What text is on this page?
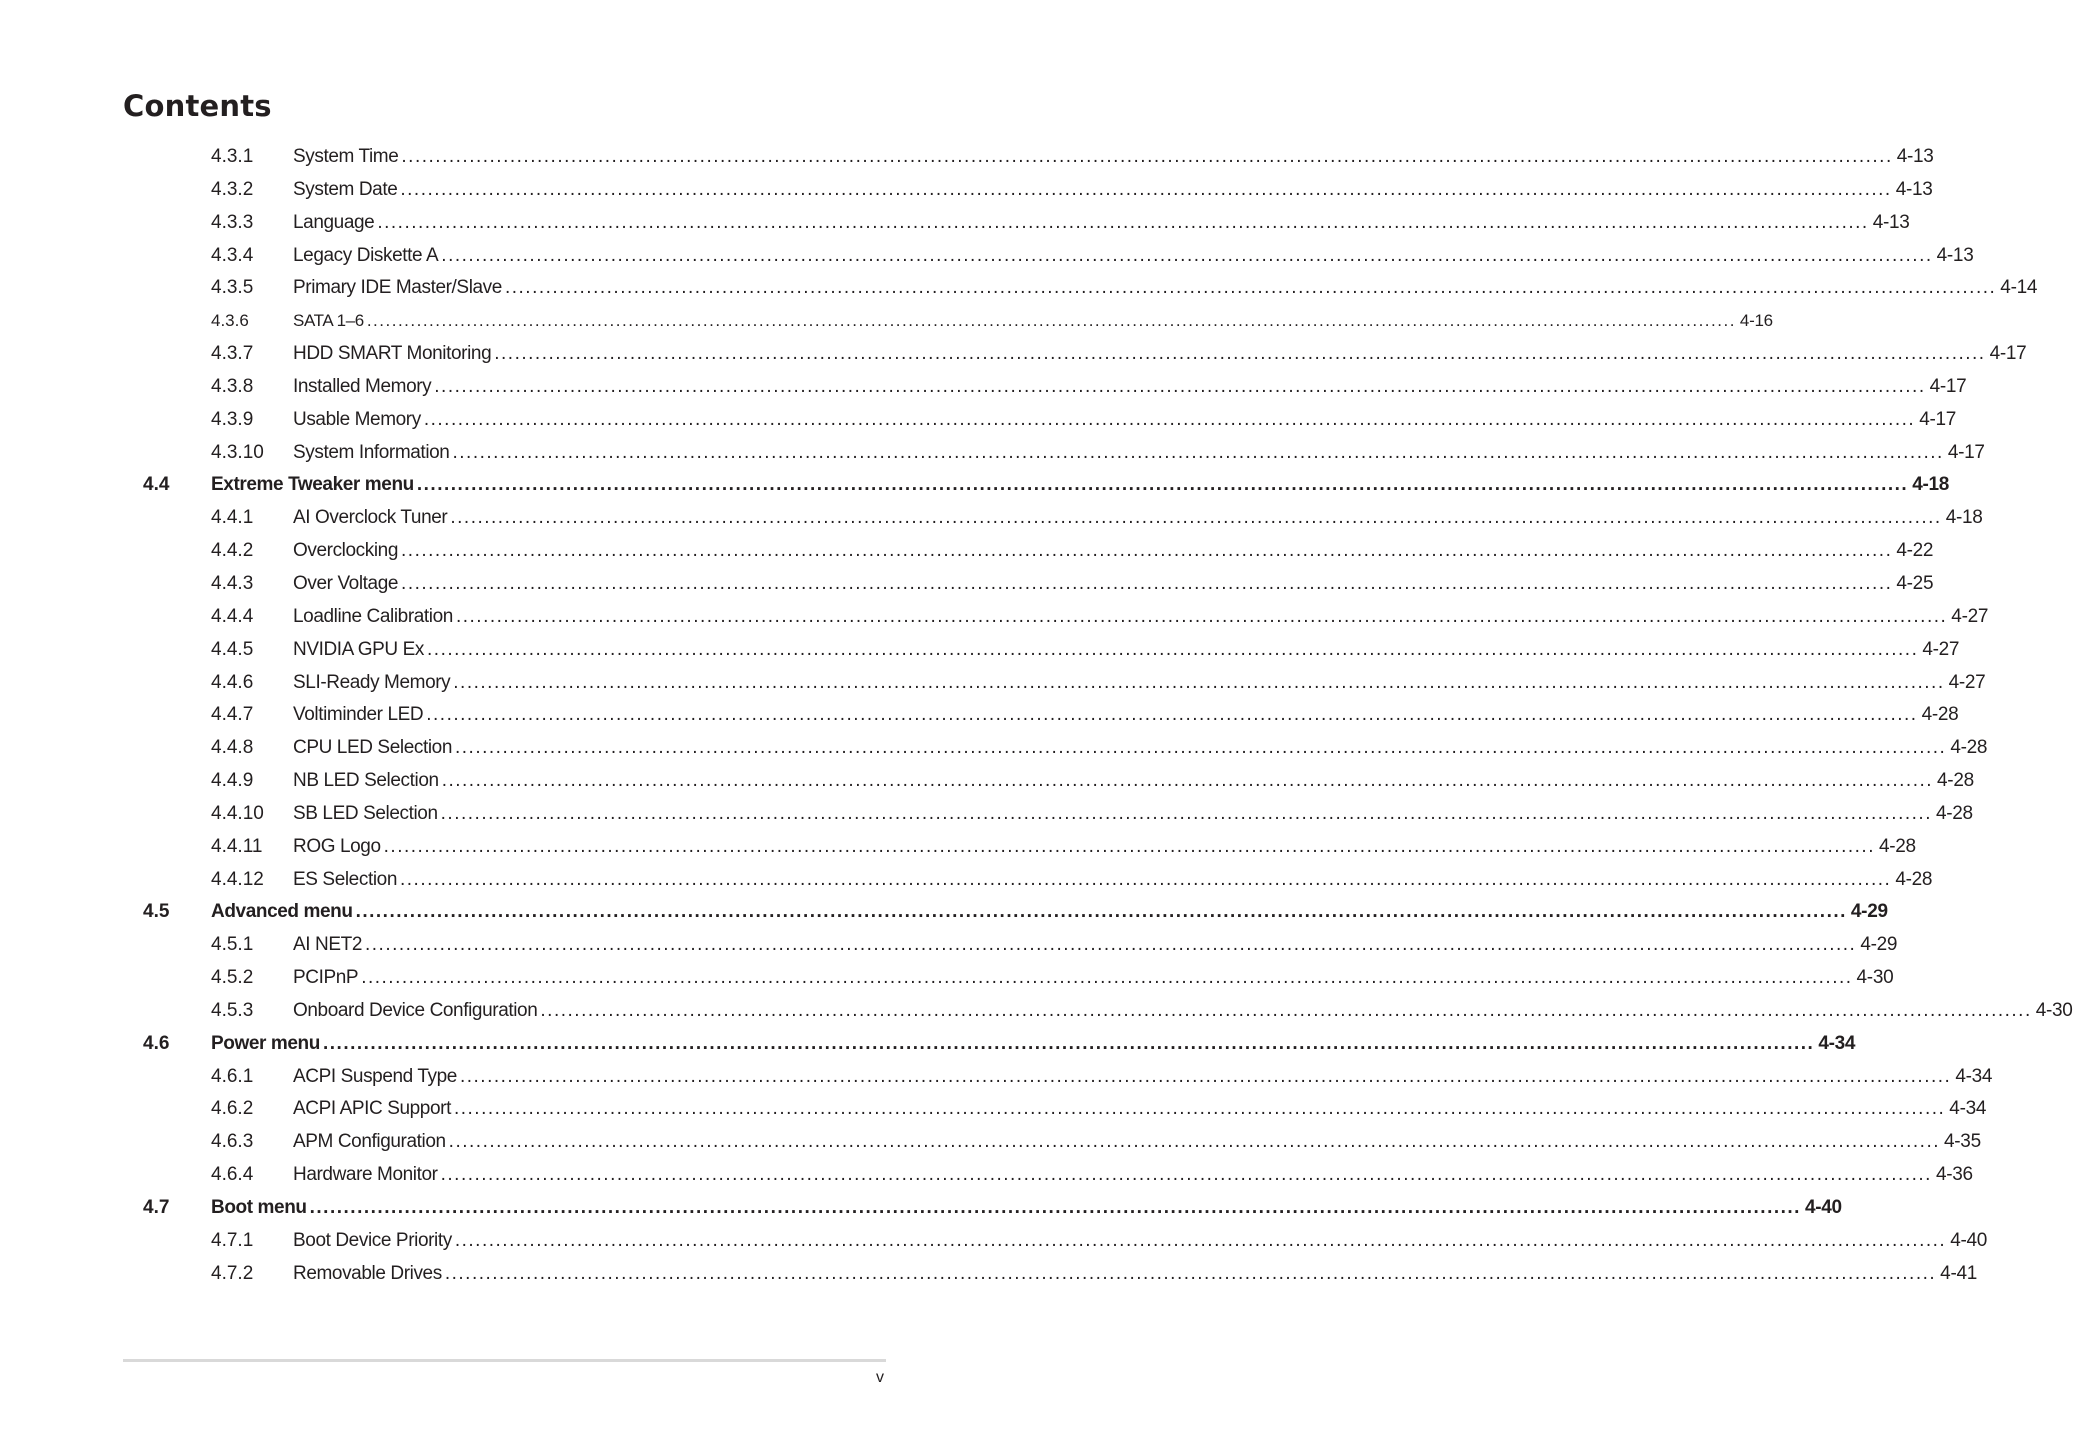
Contents
4.3.1 System Time ............................................................................................................................................................................................................................ 4-13
4.3.2 System Date ............................................................................................................................................................................................................................ 4-13
4.3.3 Language ............................................................................................................................................................................................................................ 4-13
4.3.4 Legacy Diskette A ............................................................................................................................................................................................................................ 4-13
4.3.5 Primary IDE Master/Slave ............................................................................................................................................................................................................................ 4-14
4.3.6	SATA 1–6 ............................................................................................................................................................................................................................ 4-16
4.3.7 HDD SMART Monitoring ............................................................................................................................................................................................................................ 4-17
4.3.8 Installed Memory ............................................................................................................................................................................................................................ 4-17
4.3.9 Usable Memory ............................................................................................................................................................................................................................ 4-17
4.3.10 System Information ............................................................................................................................................................................................................................ 4-17
4.4 Extreme Tweaker menu ............................................................................................................................................................................................................................ 4-18
4.4.1 AI Overclock Tuner ............................................................................................................................................................................................................................ 4-18
4.4.2 Overclocking ............................................................................................................................................................................................................................ 4-22
4.4.3 Over Voltage ............................................................................................................................................................................................................................ 4-25
4.4.4 Loadline Calibration ............................................................................................................................................................................................................................ 4-27
4.4.5 NVIDIA GPU Ex ............................................................................................................................................................................................................................ 4-27
4.4.6 SLI-Ready Memory ............................................................................................................................................................................................................................ 4-27
4.4.7 Voltiminder LED ............................................................................................................................................................................................................................ 4-28
4.4.8 CPU LED Selection ............................................................................................................................................................................................................................ 4-28
4.4.9 NB LED Selection ............................................................................................................................................................................................................................ 4-28
4.4.10 SB LED Selection ............................................................................................................................................................................................................................ 4-28
4.4.11 ROG Logo ............................................................................................................................................................................................................................ 4-28
4.4.12 ES Selection ............................................................................................................................................................................................................................ 4-28
4.5 Advanced menu ............................................................................................................................................................................................................................ 4-29
4.5.1 AI NET2 ............................................................................................................................................................................................................................ 4-29
4.5.2 PCIPnP ............................................................................................................................................................................................................................ 4-30
4.5.3 Onboard Device Configuration ............................................................................................................................................................................................................................ 4-30
4.6 Power menu ............................................................................................................................................................................................................................ 4-34
4.6.1 ACPI Suspend Type ............................................................................................................................................................................................................................ 4-34
4.6.2 ACPI APIC Support ............................................................................................................................................................................................................................ 4-34
4.6.3 APM Configuration ............................................................................................................................................................................................................................ 4-35
4.6.4 Hardware Monitor ............................................................................................................................................................................................................................ 4-36
4.7 Boot menu ............................................................................................................................................................................................................................ 4-40
4.7.1 Boot Device Priority ............................................................................................................................................................................................................................ 4-40
4.7.2 Removable Drives ............................................................................................................................................................................................................................ 4-41
v
